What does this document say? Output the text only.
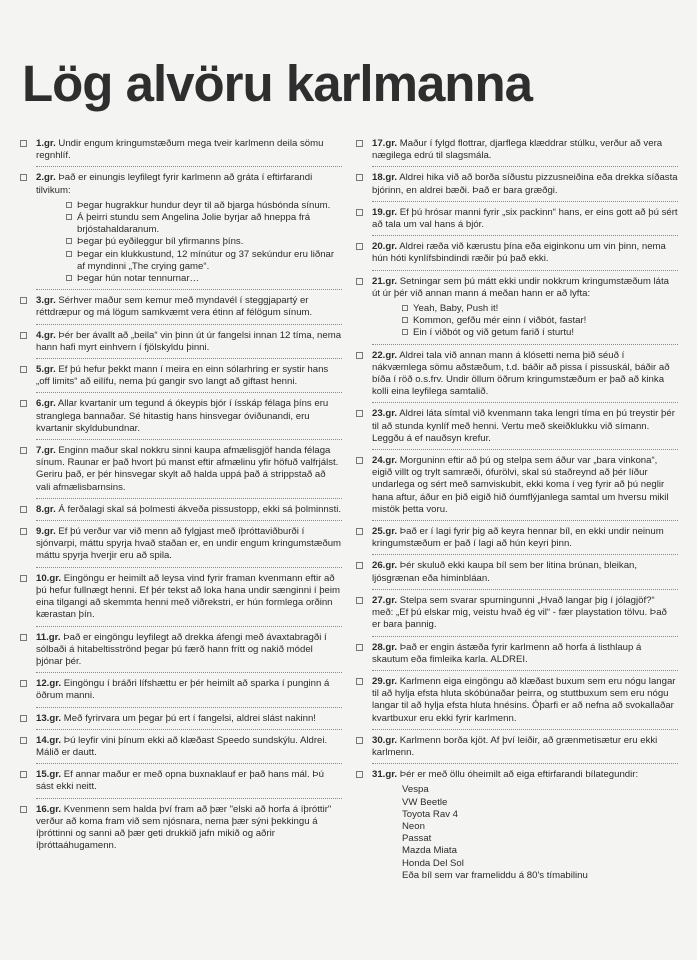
Lög alvöru karlmanna
1.gr. Undir engum kringumstæðum mega tveir karlmenn deila sömu regnhlíf.
2.gr. Það er einungis leyfilegt fyrir karlmenn að gráta í eftirfarandi tilvikum:
Þegar hugrakkur hundur deyr til að bjarga húsbónda sínum.
Á þeirri stundu sem Angelina Jolie byrjar að hneppa frá brjóstahaldaranum.
Þegar þú eyðileggur bíl yfirmanns þíns.
Þegar ein klukkustund, 12 mínútur og 37 sekúndur eru liðnar af myndinni „The crying game“.
Þegar hún notar tennurnar…
3.gr. Sérhver maður sem kemur með myndavél í steggjapartý er réttdræpur og má lögum samkvæmt vera étinn af félögum sínum.
4.gr. Þér ber ávallt að „beila“ vin þinn út úr fangelsi innan 12 tíma, nema hann hafi myrt einhvern í fjölskyldu þinni.
5.gr. Ef þú hefur þekkt mann í meira en einn sólarhring er systir hans „off limits“ að eilífu, nema þú gangir svo langt að giftast henni.
6.gr. Allar kvartanir um tegund á ókeypis bjór í ísskáp félaga þíns eru stranglega bannaðar. Sé hitastig hans hinsvegar óviðunandi, eru kvartanir skyldubundnar.
7.gr. Enginn maður skal nokkru sinni kaupa afmælisgjöf handa félaga sínum. Raunar er það hvort þú manst eftir afmælinu yfir höfuð valfrjálst. Geriru það, er þér hinsvegar skylt að halda uppá það á strippstað að vali afmælisbarnsins.
8.gr. Á ferðalagi skal sá þolmesti ákveða pissustopp, ekki sá þolminnsti.
9.gr. Ef þú verður var við menn að fylgjast með íþróttaviðburði í sjónvarpi, máttu spyrja hvað staðan er, en undir engum kringumstæðum máttu spyrja hverjir eru að spila.
10.gr. Eingöngu er heimilt að leysa vind fyrir framan kvenmann eftir að þú hefur fullnægt henni. Ef þér tekst að loka hana undir sænginni í þeim eina tilgangi að skemmta henni með viðrekstri, er hún formlega orðinn kærastan þín.
11.gr. Það er eingöngu leyfilegt að drekka áfengi með ávaxtabragði í sólbaði á hitabeltisströnd þegar þú færð hann frítt og nakið módel þjónar þér.
12.gr. Eingöngu í bráðri lífshættu er þér heimilt að sparka í punginn á öðrum manni.
13.gr. Með fyrirvara um þegar þú ert í fangelsi, aldrei slást nakinn!
14.gr. Þú leyfir vini þínum ekki að klæðast Speedo sundskýlu. Aldrei. Málið er dautt.
15.gr. Ef annar maður er með opna buxnaklauf er það hans mál. Þú sást ekki neitt.
16.gr. Kvenmenn sem halda því fram að þær "elski að horfa á íþróttir" verður að koma fram við sem njósnara, nema þær sýni þekkingu á íþróttinni og sanni að þær geti drukkið jafn mikið og aðrir íþróttaáhugamenn.
17.gr. Maður í fylgd flottrar, djarflega klæddrar stúlku, verður að vera nægilega edrú til slagsmála.
18.gr. Aldrei hika við að borða síðustu pizzusneiðina eða drekka síðasta bjórinn, en aldrei bæði. Það er bara græðgi.
19.gr. Ef þú hrósar manni fyrir „six packinn“ hans, er eins gott að þú sért að tala um val hans á bjór.
20.gr. Aldrei ræða við kærustu þína eða eiginkonu um vin þinn, nema hún hóti kynlífsbindindi ræðir þú það ekki.
21.gr. Setningar sem þú mátt ekki undir nokkrum kringumstæðum láta út úr þér við annan mann á meðan hann er að lyfta:
Yeah, Baby, Push it!
Kommon, gefðu mér einn í viðbót, fastar!
Ein í viðbót og við getum farið í sturtu!
22.gr. Aldrei tala við annan mann á klósetti nema þið séuð í nákvæmlega sömu aðstæðum, t.d. báðir að pissa í pissuskál, báðir að bíða í röð o.s.frv. Undir öllum öðrum kringumstæðum er það að kinka kolli eina leyfilega samtalið.
23.gr. Aldrei láta símtal við kvenmann taka lengri tíma en þú treystir þér til að stunda kynlíf með henni. Vertu með skeiðklukku við símann. Leggðu á ef nauðsyn krefur.
24.gr. Morguninn eftir að þú og stelpa sem áður var „bara vinkona“, eigið villt og trylt samræði, ófurölvi, skal sú staðreynd að þér líður undarlega og sért með samviskubit, ekki koma í veg fyrir að þú neglir hana aftur, áður en þið eigið hið óumflýjanlega samtal um hversu mikil mistök þetta voru.
25.gr. Það er í lagi fyrir þig að keyra hennar bíl, en ekki undir neinum kringumstæðum er það í lagi að hún keyri þinn.
26.gr. Þér skuluð ekki kaupa bíl sem ber litina brúnan, bleikan, ljósgrænan eða himinbláan.
27.gr. Stelpa sem svarar spurningunni „Hvað langar þig í jólagjöf?“ með: „Ef þú elskar mig, veistu hvað ég vil“ - fær playstation tölvu. Það er bara þannig.
28.gr. Það er engin ástæða fyrir karlmenn að horfa á listhlaup á skautum eða fimleika karla. ALDREI.
29.gr. Karlmenn eiga eingöngu að klæðast buxum sem eru nógu langar til að hylja efsta hluta skóbúnaðar þeirra, og stuttbuxum sem eru nógu langar til að hylja efsta hluta hnésins. Óþarfi er að nefna að svokallaðar kvartbuxur eru ekki fyrir karlmenn.
30.gr. Karlmenn borða kjöt. Af því leiðir, að grænmetisætur eru ekki karlmenn.
31.gr. Þér er með öllu óheimilt að eiga eftirfarandi bílategundir:
Vespa
VW Beetle
Toyota Rav 4
Neon
Passat
Mazda Miata
Honda Del Sol
Eða bíl sem var frameliddu á 80's tímabilinu
